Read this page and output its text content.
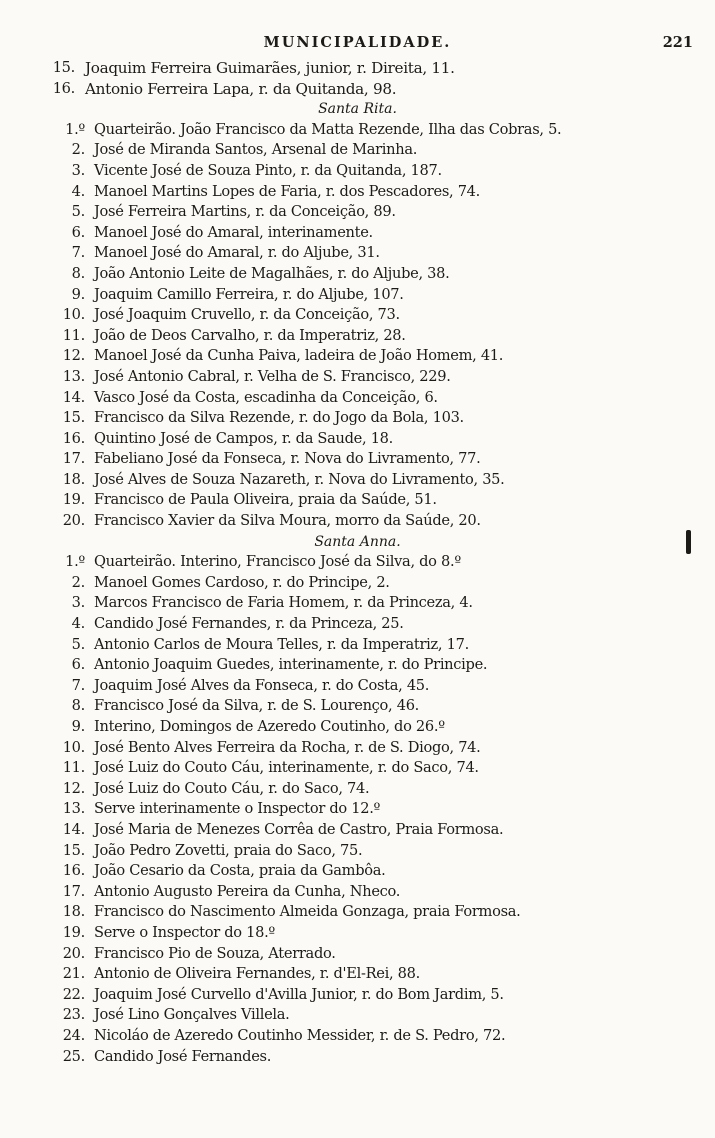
MUNICIPALIDADE.	221
15. Joaquim Ferreira Guimarães, junior, r. Direita, 11.
16. Antonio Ferreira Lapa, r. da Quitanda, 98.
Santa Rita.
1.º Quarteirão. João Francisco da Matta Rezende, Ilha das Cobras, 5.
2. José de Miranda Santos, Arsenal de Marinha.
3. Vicente José de Souza Pinto, r. da Quitanda, 187.
4. Manoel Martins Lopes de Faria, r. dos Pescadores, 74.
5. José Ferreira Martins, r. da Conceição, 89.
6. Manoel José do Amaral, interinamente.
7. Manoel José do Amaral, r. do Aljube, 31.
8. João Antonio Leite de Magalhães, r. do Aljube, 38.
9. Joaquim Camillo Ferreira, r. do Aljube, 107.
10. José Joaquim Cruvello, r. da Conceição, 73.
11. João de Deos Carvalho, r. da Imperatriz, 28.
12. Manoel José da Cunha Paiva, ladeira de João Homem, 41.
13. José Antonio Cabral, r. Velha de S. Francisco, 229.
14. Vasco José da Costa, escadinha da Conceição, 6.
15. Francisco da Silva Rezende, r. do Jogo da Bola, 103.
16. Quintino José de Campos, r. da Saude, 18.
17. Fabeliano José da Fonseca, r. Nova do Livramento, 77.
18. José Alves de Souza Nazareth, r. Nova do Livramento, 35.
19. Francisco de Paula Oliveira, praia da Saúde, 51.
20. Francisco Xavier da Silva Moura, morro da Saúde, 20.
Santa Anna.
1.º Quarteirão. Interino, Francisco José da Silva, do 8.º
2. Manoel Gomes Cardoso, r. do Principe, 2.
3. Marcos Francisco de Faria Homem, r. da Princeza, 4.
4. Candido José Fernandes, r. da Princeza, 25.
5. Antonio Carlos de Moura Telles, r. da Imperatriz, 17.
6. Antonio Joaquim Guedes, interinamente, r. do Principe.
7. Joaquim José Alves da Fonseca, r. do Costa, 45.
8. Francisco José da Silva, r. de S. Lourenço, 46.
9. Interino, Domingos de Azeredo Coutinho, do 26.º
10. José Bento Alves Ferreira da Rocha, r. de S. Diogo, 74.
11. José Luiz do Couto Cáu, interinamente, r. do Saco, 74.
12. José Luiz do Couto Cáu, r. do Saco, 74.
13. Serve interinamente o Inspector do 12.º
14. José Maria de Menezes Corrêa de Castro, Praia Formosa.
15. João Pedro Zovetti, praia do Saco, 75.
16. João Cesario da Costa, praia da Gambôa.
17. Antonio Augusto Pereira da Cunha, Nheco.
18. Francisco do Nascimento Almeida Gonzaga, praia Formosa.
19. Serve o Inspector do 18.º
20. Francisco Pio de Souza, Aterrado.
21. Antonio de Oliveira Fernandes, r. d'El-Rei, 88.
22. Joaquim José Curvello d'Avilla Junior, r. do Bom Jardim, 5.
23. José Lino Gonçalves Villela.
24. Nicoláo de Azeredo Coutinho Messider, r. de S. Pedro, 72.
25. Candido José Fernandes.
